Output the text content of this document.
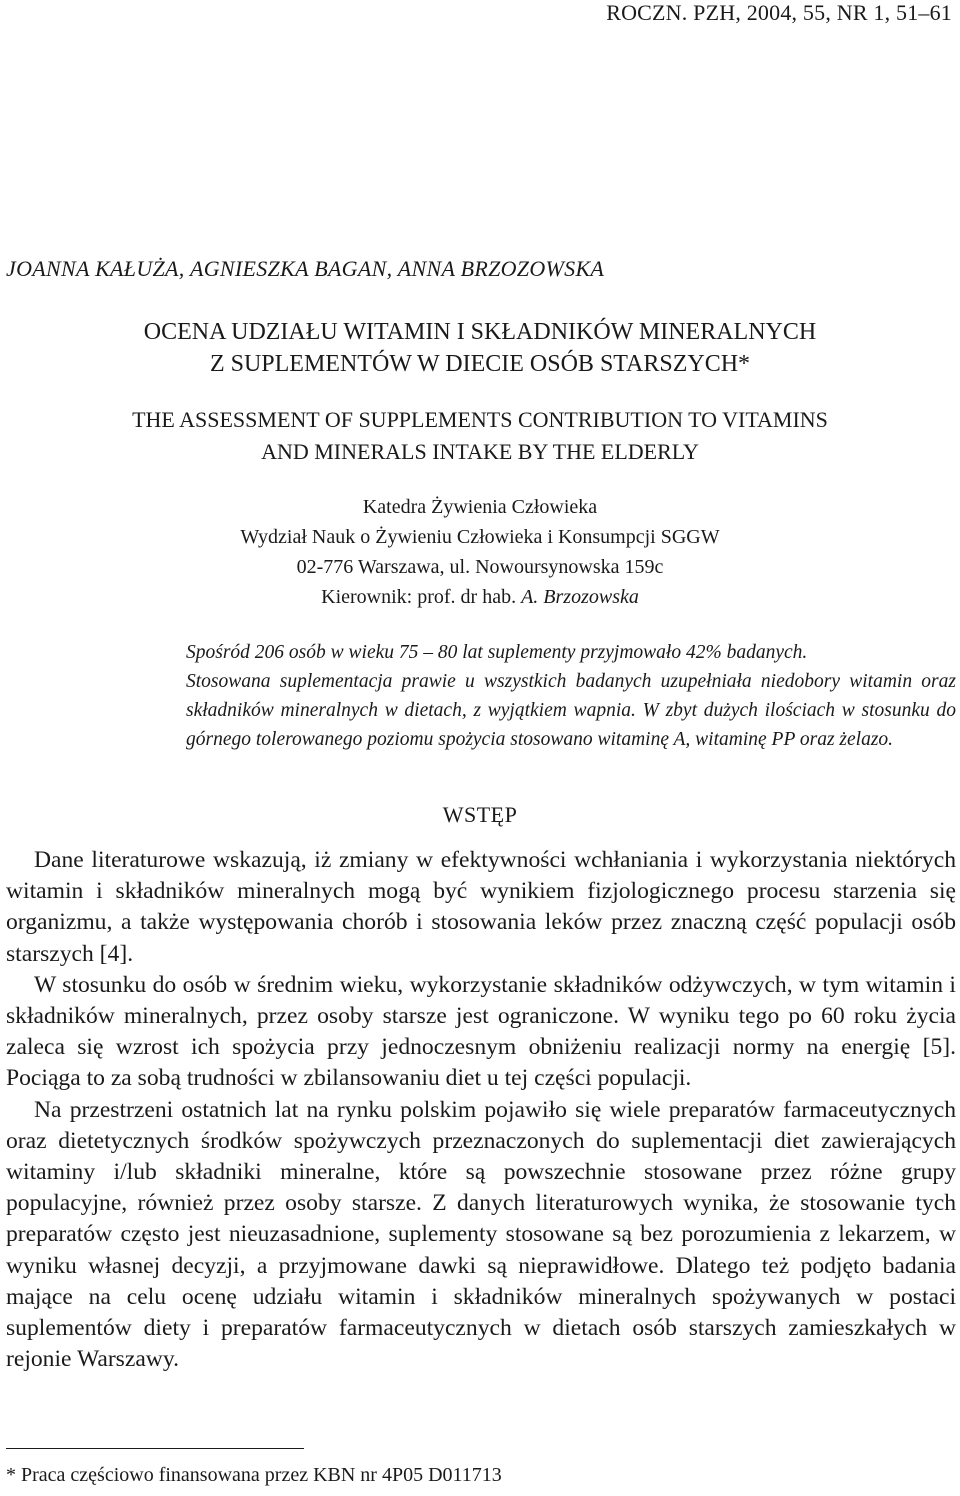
ROCZN. PZH, 2004, 55, NR 1, 51–61
JOANNA KAŁUŻA, AGNIESZKA BAGAN, ANNA BRZOZOWSKA
OCENA UDZIAŁU WITAMIN I SKŁADNIKÓW MINERALNYCH
Z SUPLEMENTÓW W DIECIE OSÓB STARSZYCH*
THE ASSESSMENT OF SUPPLEMENTS CONTRIBUTION TO VITAMINS
AND MINERALS INTAKE BY THE ELDERLY
Katedra Żywienia Człowieka
Wydział Nauk o Żywieniu Człowieka i Konsumpcji SGGW
02-776 Warszawa, ul. Nowoursynowska 159c
Kierownik: prof. dr hab. A. Brzozowska
Spośród 206 osób w wieku 75 – 80 lat suplementy przyjmowało 42% badanych.
Stosowana suplementacja prawie u wszystkich badanych uzupełniała niedobory witamin oraz składników mineralnych w dietach, z wyjątkiem wapnia. W zbyt dużych ilościach w stosunku do górnego tolerowanego poziomu spożycia stosowano witaminę A, witaminę PP oraz żelazo.
WSTĘP

Dane literaturowe wskazują, iż zmiany w efektywności wchłaniania i wykorzystania niektórych witamin i składników mineralnych mogą być wynikiem fizjologicznego procesu starzenia się organizmu, a także występowania chorób i stosowania leków przez znaczną część populacji osób starszych [4].

W stosunku do osób w średnim wieku, wykorzystanie składników odżywczych, w tym witamin i składników mineralnych, przez osoby starsze jest ograniczone. W wyniku tego po 60 roku życia zaleca się wzrost ich spożycia przy jednoczesnym obniżeniu realizacji normy na energię [5]. Pociąga to za sobą trudności w zbilansowaniu diet u tej części populacji.

Na przestrzeni ostatnich lat na rynku polskim pojawiło się wiele preparatów farmaceutycznych oraz dietetycznych środków spożywczych przeznaczonych do suplementacji diet zawierających witaminy i/lub składniki mineralne, które są powszechnie stosowane przez różne grupy populacyjne, również przez osoby starsze. Z danych literaturowych wynika, że stosowanie tych preparatów często jest nieuzasadnione, suplementy stosowane są bez porozumienia z lekarzem, w wyniku własnej decyzji, a przyjmowane dawki są nieprawidłowe. Dlatego też podjęto badania mające na celu ocenę udziału witamin i składników mineralnych spożywanych w postaci suplementów diety i preparatów farmaceutycznych w dietach osób starszych zamieszkałych w rejonie Warszawy.

* Praca częściowo finansowana przez KBN nr 4P05 D011713
